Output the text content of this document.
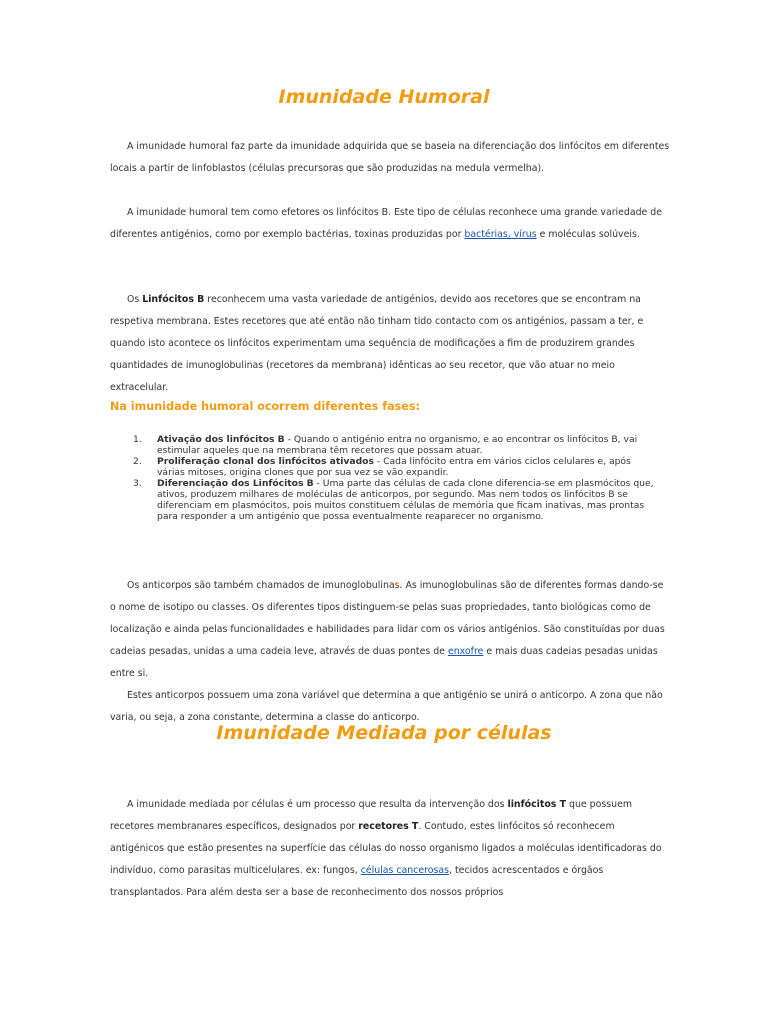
Imunidade Humoral
A imunidade humoral faz parte da imunidade adquirida que se baseia na diferenciação dos linfócitos em diferentes locais a partir de linfoblastos (células precursoras que são produzidas na medula vermelha).
A imunidade humoral tem como efetores os linfócitos B. Este tipo de células reconhece uma grande variedade de diferentes antigénios, como por exemplo bactérias, toxinas produzidas por bactérias, vírus e moléculas solúveis.
Os Linfócitos B reconhecem uma vasta variedade de antigénios, devido aos recetores que se encontram na respetiva membrana. Estes recetores que até então não tinham tido contacto com os antigénios, passam a ter, e quando isto acontece os linfócitos experimentam uma sequência de modificações a fim de produzirem grandes quantidades de imunoglobulinas (recetores da membrana) idênticas ao seu recetor, que vão atuar no meio extracelular.
Na imunidade humoral ocorrem diferentes fases:
1.	Ativação dos linfócitos B - Quando o antigénio entra no organismo, e ao encontrar os linfócitos B, vai estimular aqueles que na membrana têm recetores que possam atuar.
2.	Proliferação clonal dos linfócitos ativados - Cada linfócito entra em vários ciclos celulares e, após várias mitoses, origina clones que por sua vez se vão expandir.
3.	Diferenciação dos Linfócitos B - Uma parte das células de cada clone diferencia-se em plasmócitos que, ativos, produzem milhares de moléculas de anticorpos, por segundo. Mas nem todos os linfócitos B se diferenciam em plasmócitos, pois muitos constituem células de memória que ficam inativas, mas prontas para responder a um antigénio que possa eventualmente reaparecer no organismo.
Os anticorpos são também chamados de imunoglobulinas. As imunoglobulinas são de diferentes formas dando-se o nome de isotipo ou classes. Os diferentes tipos distinguem-se pelas suas propriedades, tanto biológicas como de localização e ainda pelas funcionalidades e habilidades para lidar com os vários antigénios. São constituídas por duas cadeias pesadas, unidas a uma cadeia leve, através de duas pontes de enxofre e mais duas cadeias pesadas unidas entre si.
Estes anticorpos possuem uma zona variável que determina a que antigénio se unirá o anticorpo. A zona que não varia, ou seja, a zona constante, determina a classe do anticorpo.
Imunidade Mediada por células
A imunidade mediada por células é um processo que resulta da intervenção dos linfócitos T que possuem recetores membranares específicos, designados por recetores T. Contudo, estes linfócitos só reconhecem antigénicos que estão presentes na superfície das células do nosso organismo ligados a moléculas identificadoras do indivíduo, como parasitas multicelulares. ex: fungos, células cancerosas, tecidos acrescentados e órgãos transplantados. Para além desta ser a base de reconhecimento dos nossos próprios
